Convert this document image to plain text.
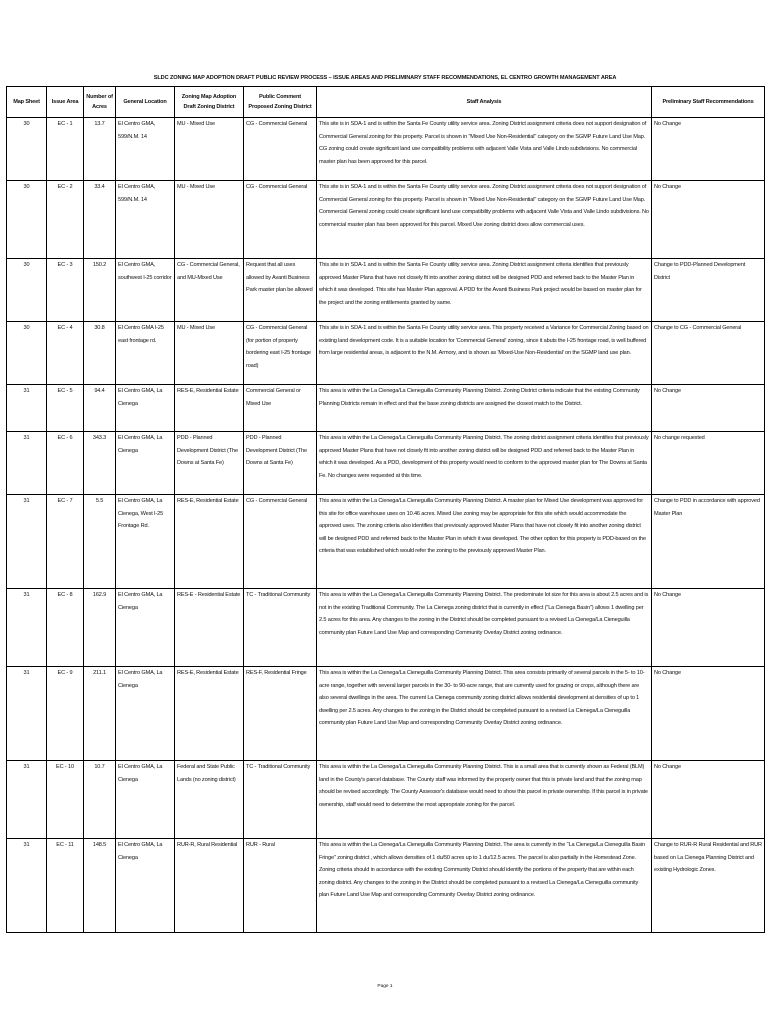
SLDC ZONING MAP ADOPTION DRAFT PUBLIC REVIEW PROCESS – ISSUE AREAS AND PRELIMINARY STAFF RECOMMENDATIONS, EL CENTRO GROWTH MANAGEMENT AREA
Map Sheet	Issue Area	Number of Acres	General Location	Zoning Map Adoption Draft Zoning District	Public Comment Proposed Zoning District	Staff Analysis	Preliminary Staff Recommendations
30	EC - 1	13.7	El Centro GMA, 599/N.M. 14	MU - Mixed Use	CG - Commercial General	This site is in SDA-1 and is within the Santa Fe County utility service area. Zoning District assignment criteria does not support designation of Commercial General zoning for this property. Parcel is shown in "Mixed Use Non-Residential" category on the SGMP Future Land Use Map. CG zoning could create significant land use compatibility problems with adjacent Valle Vista and Valle Lindo subdivisions. No commercial master plan has been approved for this parcel.	No Change
30	EC - 2	33.4	El Centro GMA, 599/N.M. 14	MU - Mixed Use	CG - Commercial General	This site is in SDA-1 and is within the Santa Fe County utility service area. Zoning District assignment criteria does not support designation of Commercial General zoning for this property. Parcel is shown in "Mixed Use Non-Residential" category on the SGMP Future Land Use Map. Commercial General zoning could create significant land use compatibility problems with adjacent Valle Vista and Valle Lindo subdivisions. No commercial master plan has been approved for this parcel. Mixed Use zoning district does allow commercial uses.	No Change
30	EC - 3	150.2	El Centro GMA, southwest I-25 corridor	CG - Commercial General, and MU-Mixed Use	Request that all uses allowed by Avanti Business Park master plan be allowed	This site is in SDA-1 and is within the Santa Fe County utility service area. Zoning District assignment criteria identifies that previously approved Master Plans that have not closely fit into another zoning district will be designed PDD and referred back to the Master Plan in which it was developed. This site has Master Plan approval. A PDD for the Avanti Business Park project would be based on master plan for the project and the zoning entitlements granted by same.	Change to PDD-Planned Development District
30	EC - 4	30.8	El Centro GMA I-25 east frontage rd.	MU - Mixed Use	CG - Commercial General (for portion of property bordering east I-25 frontage road)	This site is in SDA-1 and is within the Santa Fe County utility service area. This property received a Variance for Commercial Zoning based on existing land development code. It is a suitable location for 'Commercial General' zoning, since it abuts the I-25 frontage road, is well buffered from large residential areas, is adjacent to the N.M. Armory, and is shown as 'Mixed-Use Non-Residential' on the SGMP land use plan.	Change to CG - Commercial General
31	EC - 5	94.4	El Centro GMA, La Cienega	RES-E, Residential Estate	Commercial General or Mixed Use	This area is within the La Cienega/La Cieneguilla Community Planning District. Zoning District criteria indicate that the existing Community Planning Districts remain in effect and that the base zoning districts are assigned the closest match to the District.	No Change
31	EC - 6	343.3	El Centro GMA, La Cienega	PDD - Planned Development District (The Downs at Santa Fe)	PDD - Planned Development District (The Downs at Santa Fe)	This area is within the La Cienega/La Cieneguilla Community Planning District. The zoning district assignment criteria identifies that previously approved Master Plans that have not closely fit into another zoning district will be designed PDD and referred back to the Master Plan in which it was developed. As a PDD, development of this property would need to conform to the approved master plan for The Downs at Santa Fe. No changes were requested at this time.	No change requested
31	EC - 7	5.5	El Centro GMA, La Cienega, West I-25 Frontage Rd.	RES-E, Residential Estate	CG - Commercial General	This area is within the La Cienega/La Cieneguilla Community Planning District. A master plan for Mixed Use development was approved for this site for office warehouse uses on 10.46 acres. Mixed Use zoning may be appropriate for this site which would accommodate the approved uses. The zoning criteria also identifies that previously approved Master Plans that have not closely fit into another zoning district will be designed PDD and referred back to the Master Plan in which it was developed. The other option for this property is PDD-based on the criteria that was established which would refer the zoning to the previously approved Master Plan.	Change to PDD in accordance with approved Master Plan
31	EC - 8	162.9	El Centro GMA, La Cienega	RES-E - Residential Estate	TC - Traditional Community	This area is within the La Cienega/La Cieneguilla Community Planning District. The predominate lot size for this area is about 2.5 acres and is not in the existing Traditional Community. The La Cienega zoning district that is currently in effect ("La Cienega Basin") allows 1 dwelling per 2.5 acres for this area. Any changes to the zoning in the District should be completed pursuant to a revised La Cienega/La Cieneguilla community plan Future Land Use Map and corresponding Community Overlay District zoning ordinance.	No Change
31	EC - 9	211.1	El Centro GMA, La Cienega	RES-E, Residential Estate	RES-F, Residential Fringe	This area is within the La Cienega/La Cieneguilla Community Planning District. This area consists primarily of several parcels in the 5- to 10-acre range, together with several larger parcels in the 30- to 90-acre range, that are currently used for grazing or crops, although there are also several dwellings in the area. The current La Cienega community zoning district allows residential development at densities of up to 1 dwelling per 2.5 acres. Any changes to the zoning in the District should be completed pursuant to a revised La Cienega/La Cieneguilla community plan Future Land Use Map and corresponding Community Overlay District zoning ordinance.	No Change
31	EC - 10	10.7	El Centro GMA, La Cienega	Federal and State Public Lands (no zoning district)	TC - Traditional Community	This area is within the La Cienega/La Cieneguilla Community Planning District. This is a small area that is currently shown as Federal (BLM) land in the County's parcel database. The County staff was informed by the property owner that this is private land and that the zoning map should be revised accordingly. The County Assessor's database would need to show this parcel in private ownership. If this parcel is in private ownership, staff would need to determine the most appropriate zoning for the parcel.	No Change
31	EC - 11	148.5	El Centro GMA, La Cienega	RUR-R, Rural Residential	RUR - Rural	This area is within the La Cienega/La Cieneguilla Community Planning District. The area is currently in the "La Cienega/La Cieneguilla Basin Fringe" zoning district , which allows densities of 1 du/50 acres up to 1 du/12.5 acres. The parcel is also partially in the Homestead Zone. Zoning criteria should in accordance with the existing Community District should identify the portions of the property that are within each zoning district. Any changes to the zoning in the District should be completed pursuant to a revised La Cienega/La Cieneguilla community plan Future Land Use Map and corresponding Community Overlay District zoning ordinance.	Change to RUR-R Rural Residential and RUR based on La Cienega Planning District and existing Hydrologic Zones.
Page 1
